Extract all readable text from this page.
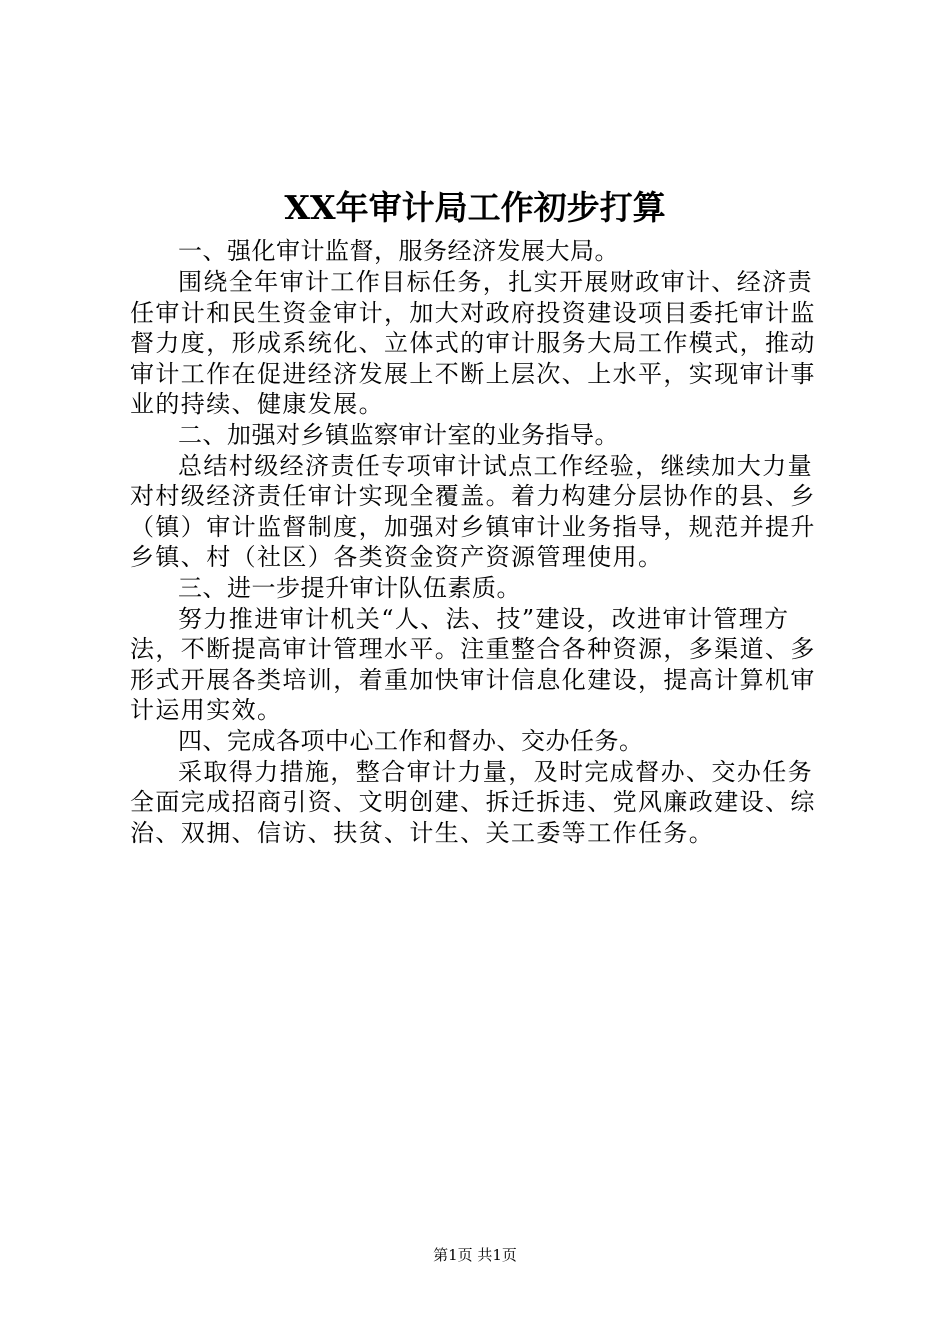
XX年审计局工作初步打算
一、强化审计监督，服务经济发展大局。

围绕全年审计工作目标任务，扎实开展财政审计、经济责
任审计和民生资金审计，加大对政府投资建设项目委托审计监
督力度，形成系统化、立体式的审计服务大局工作模式，推动
审计工作在促进经济发展上不断上层次、上水平，实现审计事
业的持续、健康发展。

二、加强对乡镇监察审计室的业务指导。

总结村级经济责任专项审计试点工作经验，继续加大力量
对村级经济责任审计实现全覆盖。着力构建分层协作的县、乡
（镇）审计监督制度，加强对乡镇审计业务指导，规范并提升
乡镇、村（社区）各类资金资产资源管理使用。

三、进一步提升审计队伍素质。

努力推进审计机关“人、法、技”建设，改进审计管理方
法，不断提高审计管理水平。注重整合各种资源，多渠道、多
形式开展各类培训，着重加快审计信息化建设，提高计算机审
计运用实效。

四、完成各项中心工作和督办、交办任务。

采取得力措施，整合审计力量，及时完成督办、交办任务
全面完成招商引资、文明创建、拆迁拆违、党风廉政建设、综
治、双拥、信访、扶贫、计生、关工委等工作任务。

第1页 共1页
